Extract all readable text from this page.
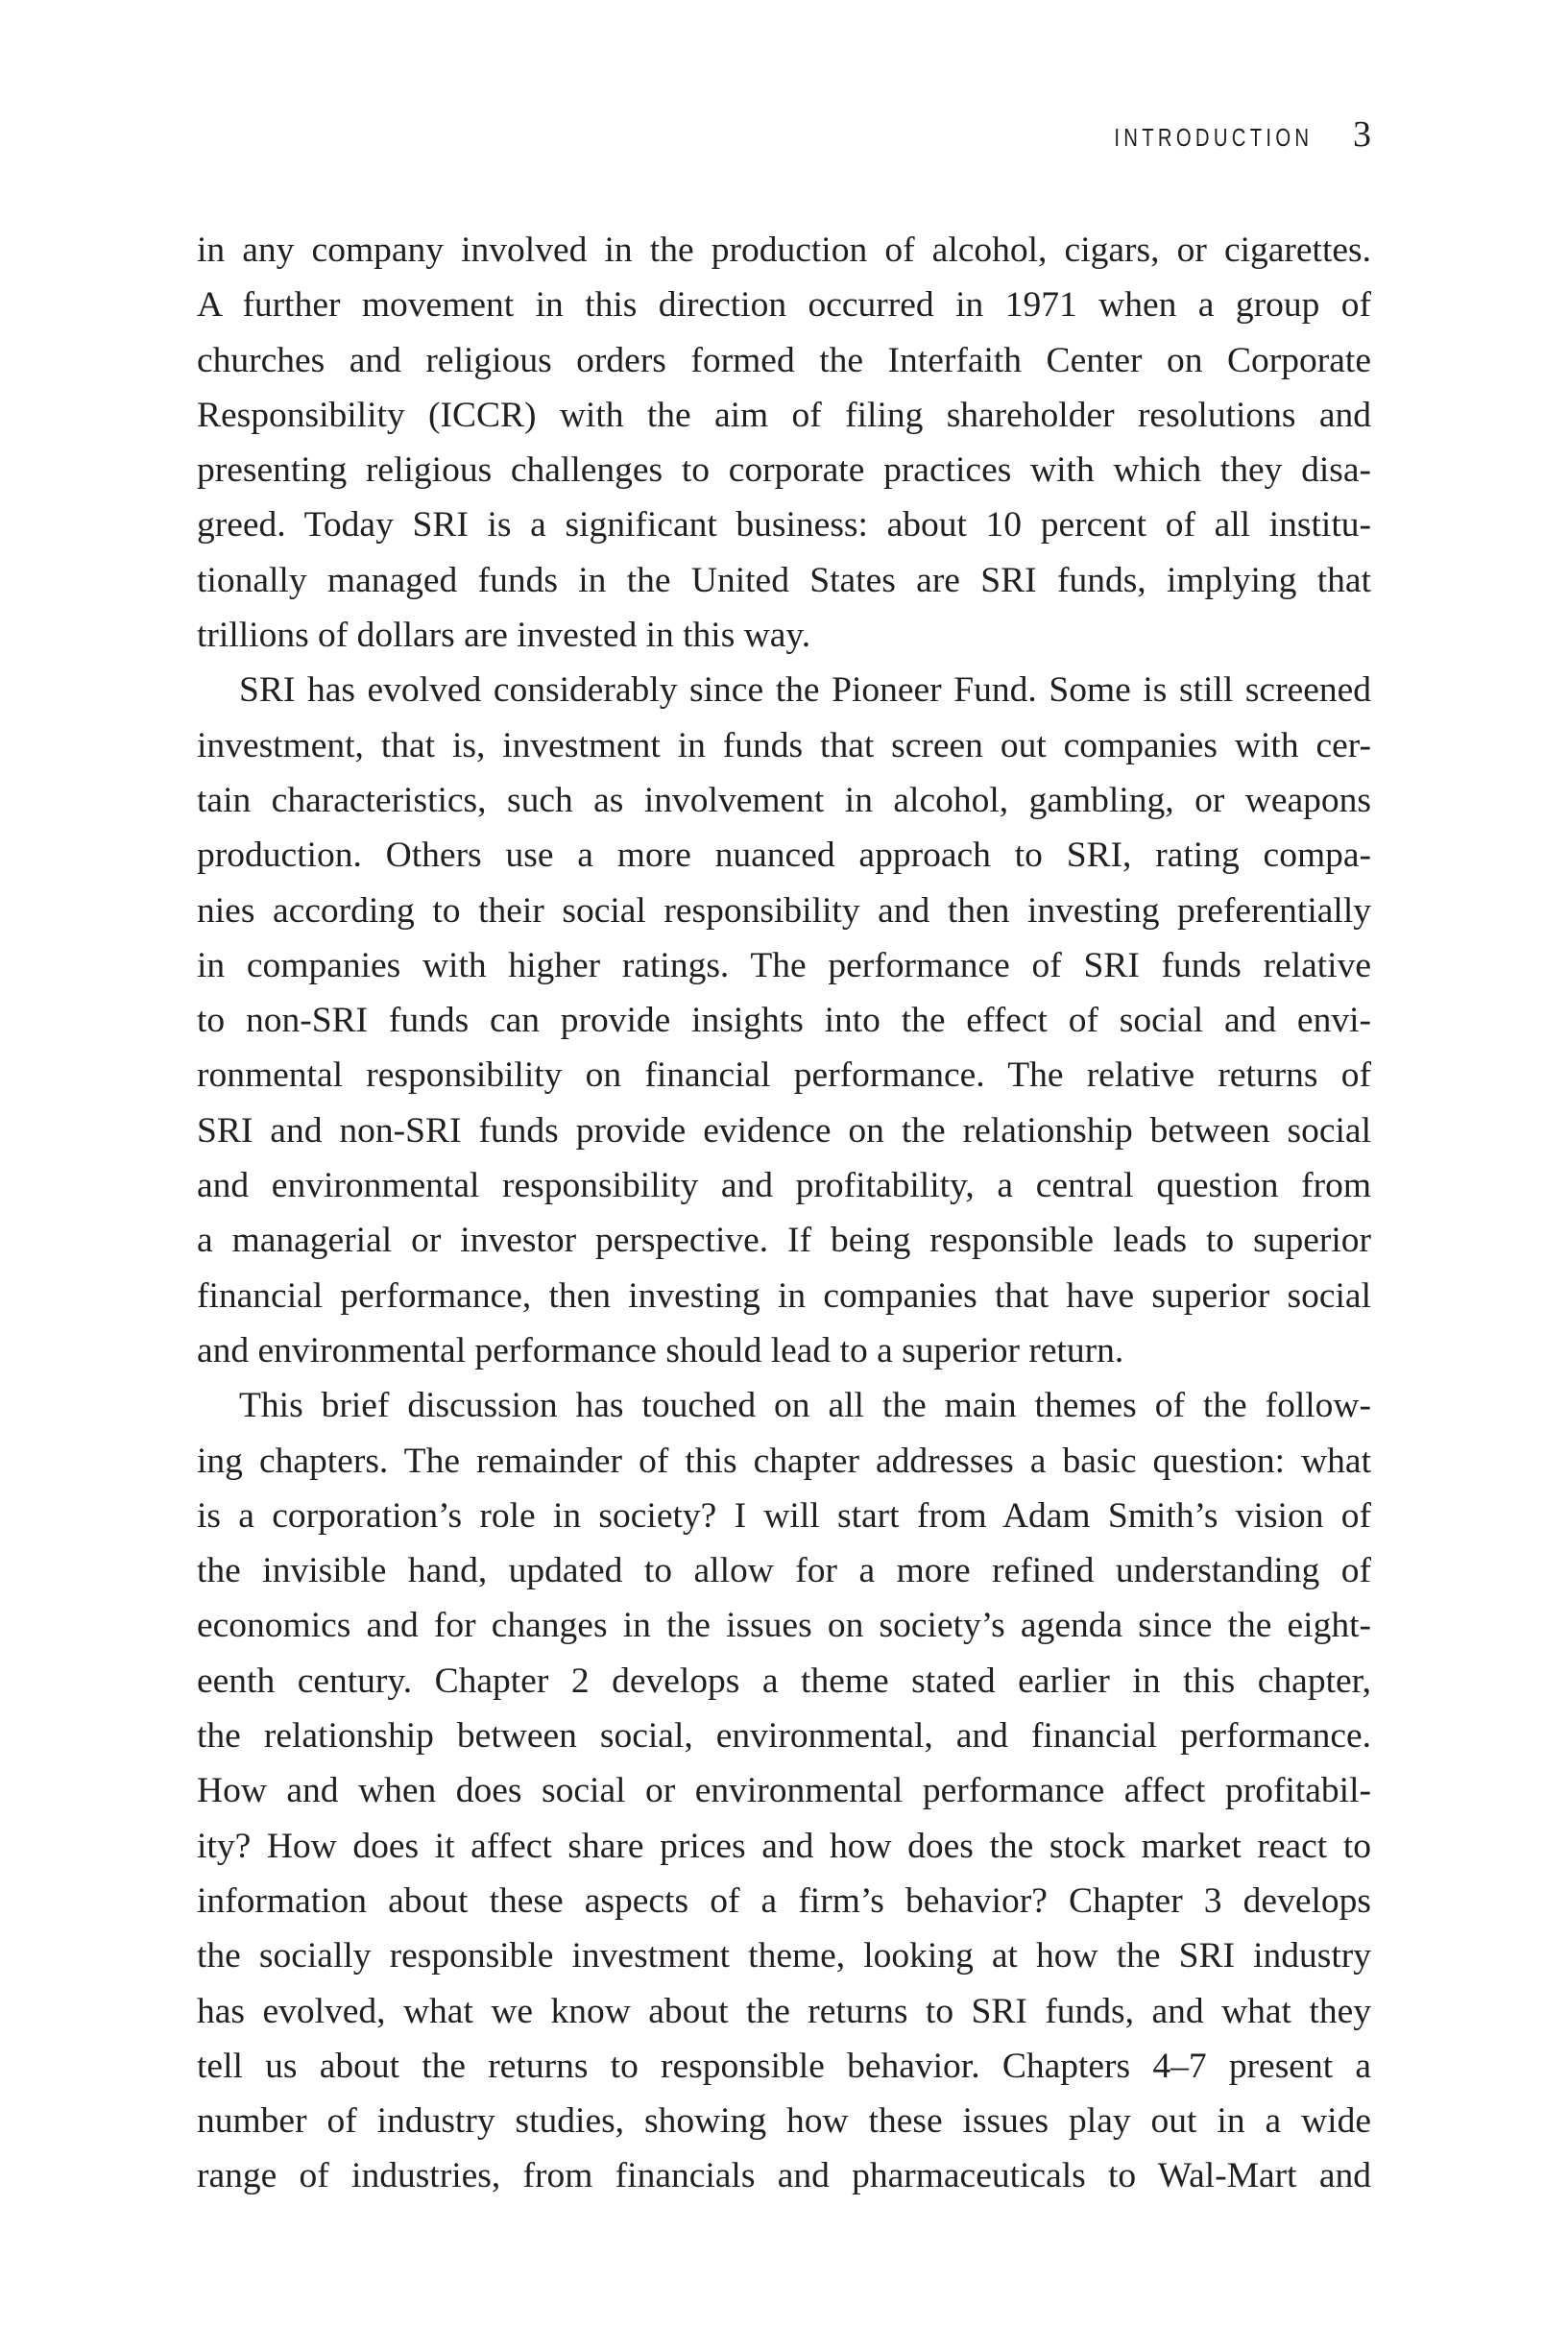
INTRODUCTION 3
in any company involved in the production of alcohol, cigars, or cigarettes.
A further movement in this direction occurred in 1971 when a group of
churches and religious orders formed the Interfaith Center on Corporate
Responsibility (ICCR) with the aim of filing shareholder resolutions and
presenting religious challenges to corporate practices with which they disa-
greed. Today SRI is a significant business: about 10 percent of all institu-
tionally managed funds in the United States are SRI funds, implying that
trillions of dollars are invested in this way.
SRI has evolved considerably since the Pioneer Fund. Some is still screened
investment, that is, investment in funds that screen out companies with cer-
tain characteristics, such as involvement in alcohol, gambling, or weapons
production. Others use a more nuanced approach to SRI, rating compa-
nies according to their social responsibility and then investing preferentially
in companies with higher ratings. The performance of SRI funds relative
to non-SRI funds can provide insights into the effect of social and envi-
ronmental responsibility on financial performance. The relative returns of
SRI and non-SRI funds provide evidence on the relationship between social
and environmental responsibility and profitability, a central question from
a managerial or investor perspective. If being responsible leads to superior
financial performance, then investing in companies that have superior social
and environmental performance should lead to a superior return.
This brief discussion has touched on all the main themes of the follow-
ing chapters. The remainder of this chapter addresses a basic question: what
is a corporation’s role in society? I will start from Adam Smith’s vision of
the invisible hand, updated to allow for a more refined understanding of
economics and for changes in the issues on society’s agenda since the eight-
eenth century. Chapter 2 develops a theme stated earlier in this chapter,
the relationship between social, environmental, and financial performance.
How and when does social or environmental performance affect profitabil-
ity? How does it affect share prices and how does the stock market react to
information about these aspects of a firm’s behavior? Chapter 3 develops
the socially responsible investment theme, looking at how the SRI industry
has evolved, what we know about the returns to SRI funds, and what they
tell us about the returns to responsible behavior. Chapters 4–7 present a
number of industry studies, showing how these issues play out in a wide
range of industries, from financials and pharmaceuticals to Wal-Mart and
